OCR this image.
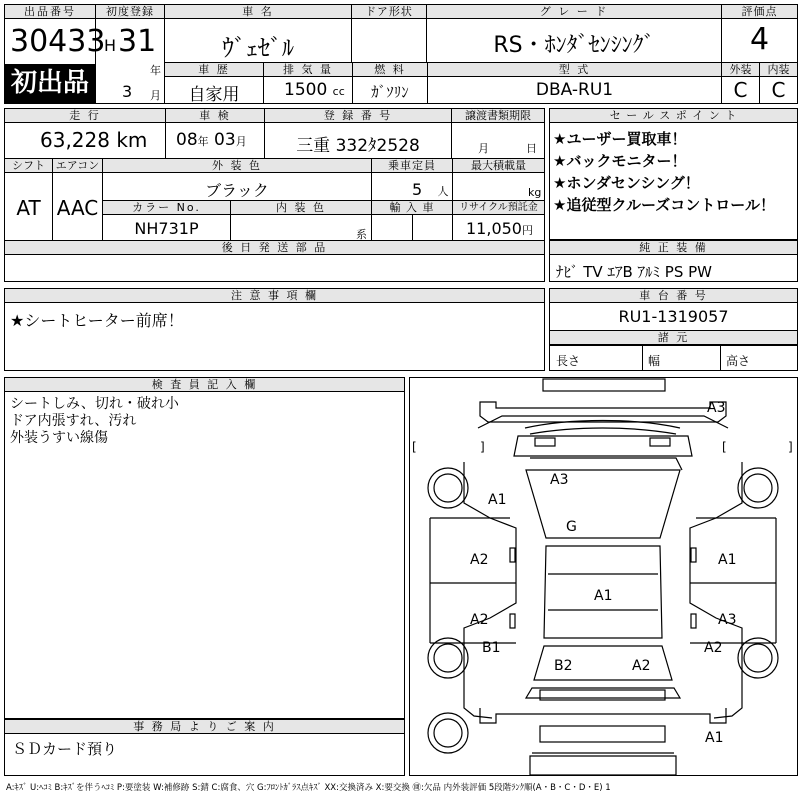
出品番号
30433
初出品
初度登録
H 31
年
3 月
車 名
ｳﾞｪｾﾞﾙ
ドア形状	グ レ ー ド
RS・ﾎﾝﾀﾞｾﾝｼﾝｸﾞ
評価点
4
外装	内装
C	C
車 歴
自家用
排 気 量
1500 cc
燃 料
ｶﾞｿﾘﾝ
型 式
DBA-RU1
走 行
63,228 km
車 検
08年 03月
登 録 番 号
三重 332ﾀ2528
譲渡書類期限
月	日
シフト
AT
エアコン
AAC
外 装 色
ブラック
乗車定員
5 人
最大積載量
kg
カラー No.
NH731P
内 装 色
系
輸 入 車	リサイクル預託金
11,050円
後 日 発 送 部 品
セ ー ル ス ポ イ ン ト
★ユーザー買取車！
★バックモニター！
★ホンダセンシング！
★追従型クルーズコントロール！
純 正 装 備
ﾅﾋﾞ TV ｴｱB ｱﾙﾐ PS PW
注 意 事 項 欄
★シートヒーター前席！
車 台 番 号
RU1-1319057
諸 元
長さ	幅	高さ
検 査 員 記 入 欄
シートしみ、切れ・破れ小
ドア内張すれ、汚れ
外装うすい線傷
事 務 局 よ り ご 案 内
ＳＤカード預り
A3
A3
A1
G
A2	A1
A1
A2	A3
B1	A2
B2	A2
A1
[	]	[	]
A:ｷｽﾞ U:ﾍｺﾐ B:ｷｽﾞを伴うﾍｺﾐ P:要塗装 W:補修跡 S:錆 C:腐食、穴 G:ﾌﾛﾝﾄｶﾞﾗｽ点ｷｽﾞ XX:交換済み X:要交換 ㉄:欠品 内外装評価 5段階ﾗﾝｸ順(A・B・C・D・E) 1
